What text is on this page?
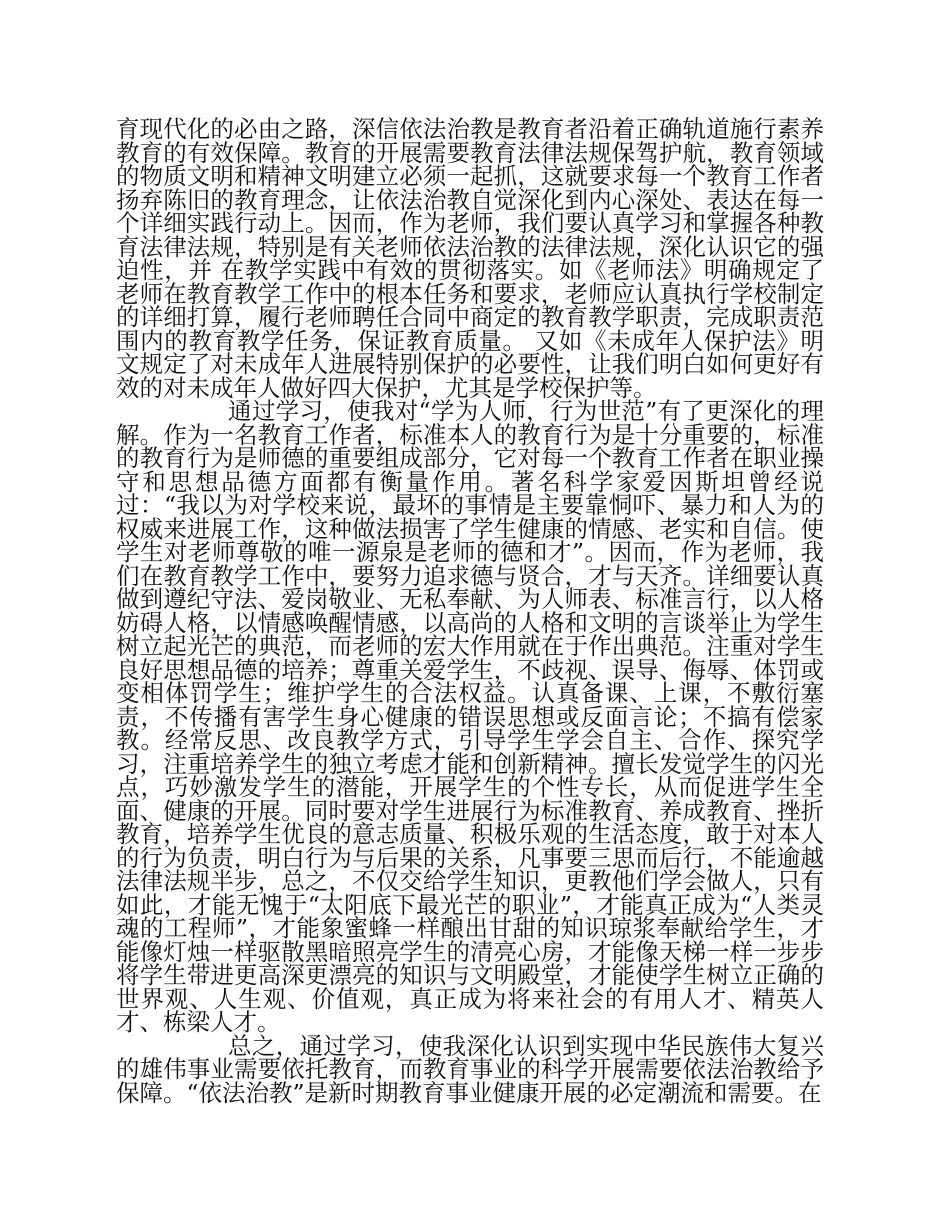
育现代化的必由之路，深信依法治教是教育者沿着正确轨道施行素养教育的有效保障。教育的开展需要教育法律法规保驾护航，教育领域的物质文明和精神文明建立必须一起抓，这就要求每一个教育工作者扬弃陈旧的教育理念，让依法治教自觉深化到内心深处、表达在每一个详细实践行动上。因而，作为老师，我们要认真学习和掌握各种教育法律法规，特别是有关老师依法治教的法律法规，深化认识它的强迫性，并 在教学实践中有效的贯彻落实。如《老师法》明确规定了老师在教育教学工作中的根本任务和要求，老师应认真执行学校制定的详细打算，履行老师聘任合同中商定的教育教学职责，完成职责范围内的教育教学任务，保证教育质量。 又如《未成年人保护法》明文规定了对未成年人进展特别保护的必要性，让我们明白如何更好有效的对未成年人做好四大保护，尤其是学校保护等。

通过学习，使我对“学为人师，行为世范”有了更深化的理解。作为一名教育工作者，标准本人的教育行为是十分重要的，标准的教育行为是师德的重要组成部分，它对每一个教育工作者在职业操守和思想品德方面都有衡量作用。著名科学家爱因斯坦曾经说过：“我以为对学校来说，最坏的事情是主要靠恫吓、暴力和人为的权威来进展工作，这种做法损害了学生健康的情感、老实和自信。使学生对老师尊敬的唯一源泉是老师的德和才”。因而，作为老师，我们在教育教学工作中，要努力追求德与贤合，才与天齐。详细要认真做到遵纪守法、爱岗敬业、无私奉献、为人师表、标准言行，以人格妨碍人格，以情感唤醒情感，以高尚的人格和文明的言谈举止为学生树立起光芒的典范，而老师的宏大作用就在于作出典范。注重对学生良好思想品德的培养；尊重关爱学生，不歧视、误导、侮辱、体罚或变相体罚学生；维护学生的合法权益。认真备课、上课，不敷衍塞责，不传播有害学生身心健康的错误思想或反面言论；不搞有偿家教。经常反思、改良教学方式，引导学生学会自主、合作、探究学习，注重培养学生的独立考虑才能和创新精神。擅长发觉学生的闪光点，巧妙激发学生的潜能，开展学生的个性专长，从而促进学生全面、健康的开展。同时要对学生进展行为标准教育、养成教育、挫折教育，培养学生优良的意志质量、积极乐观的生活态度，敢于对本人的行为负责，明白行为与后果的关系，凡事要三思而后行，不能逾越法律法规半步，总之，不仅交给学生知识，更教他们学会做人，只有如此，才能无愧于“太阳底下最光芒的职业”，才能真正成为“人类灵魂的工程师”，才能象蜜蜂一样酿出甘甜的知识琼浆奉献给学生，才能像灯烛一样驱散黑暗照亮学生的清亮心房，才能像天梯一样一步步将学生带进更高深更漂亮的知识与文明殿堂，才能使学生树立正确的世界观、人生观、价值观，真正成为将来社会的有用人才、精英人才、栋梁人才。

总之，通过学习，使我深化认识到实现中华民族伟大复兴的雄伟事业需要依托教育，而教育事业的科学开展需要依法治教给予保障。“依法治教”是新时期教育事业健康开展的必定潮流和需要。在
